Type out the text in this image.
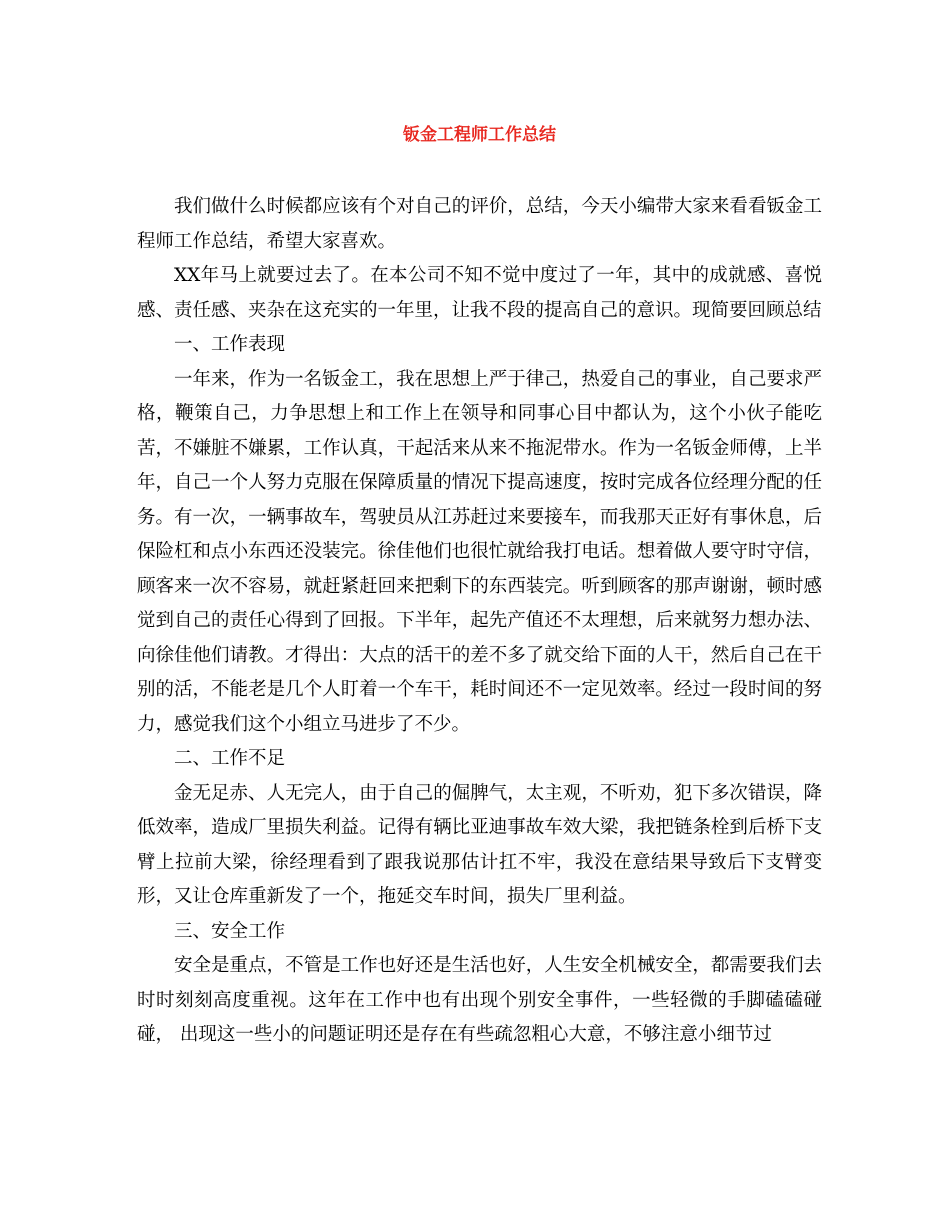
钣金工程师工作总结

我们做什么时候都应该有个对自己的评价，总结，今天小编带大家来看看钣金工程师工作总结，希望大家喜欢。

XX年马上就要过去了。在本公司不知不觉中度过了一年，其中的成就感、喜悦感、责任感、夹杂在这充实的一年里，让我不段的提高自己的意识。现简要回顾总结

一、工作表现

一年来，作为一名钣金工，我在思想上严于律己，热爱自己的事业，自己要求严格，鞭策自己，力争思想上和工作上在领导和同事心目中都认为，这个小伙子能吃苦，不嫌脏不嫌累，工作认真，干起活来从来不拖泥带水。作为一名钣金师傅，上半年，自己一个人努力克服在保障质量的情况下提高速度，按时完成各位经理分配的任务。有一次，一辆事故车，驾驶员从江苏赶过来要接车，而我那天正好有事休息，后保险杠和点小东西还没装完。徐佳他们也很忙就给我打电话。想着做人要守时守信，顾客来一次不容易，就赶紧赶回来把剩下的东西装完。听到顾客的那声谢谢，顿时感觉到自己的责任心得到了回报。下半年，起先产值还不太理想，后来就努力想办法、向徐佳他们请教。才得出：大点的活干的差不多了就交给下面的人干，然后自己在干别的活，不能老是几个人盯着一个车干，耗时间还不一定见效率。经过一段时间的努力，感觉我们这个小组立马进步了不少。

二、工作不足

金无足赤、人无完人，由于自己的倔脾气，太主观，不听劝，犯下多次错误，降低效率，造成厂里损失利益。记得有辆比亚迪事故车效大梁，我把链条栓到后桥下支臂上拉前大梁，徐经理看到了跟我说那估计扛不牢，我没在意结果导致后下支臂变形，又让仓库重新发了一个，拖延交车时间，损失厂里利益。

三、安全工作

安全是重点，不管是工作也好还是生活也好，人生安全机械安全，都需要我们去时时刻刻高度重视。这年在工作中也有出现个别安全事件，一些轻微的手脚磕磕碰碰， 出现这一些小的问题证明还是存在有些疏忽粗心大意，不够注意小细节过
